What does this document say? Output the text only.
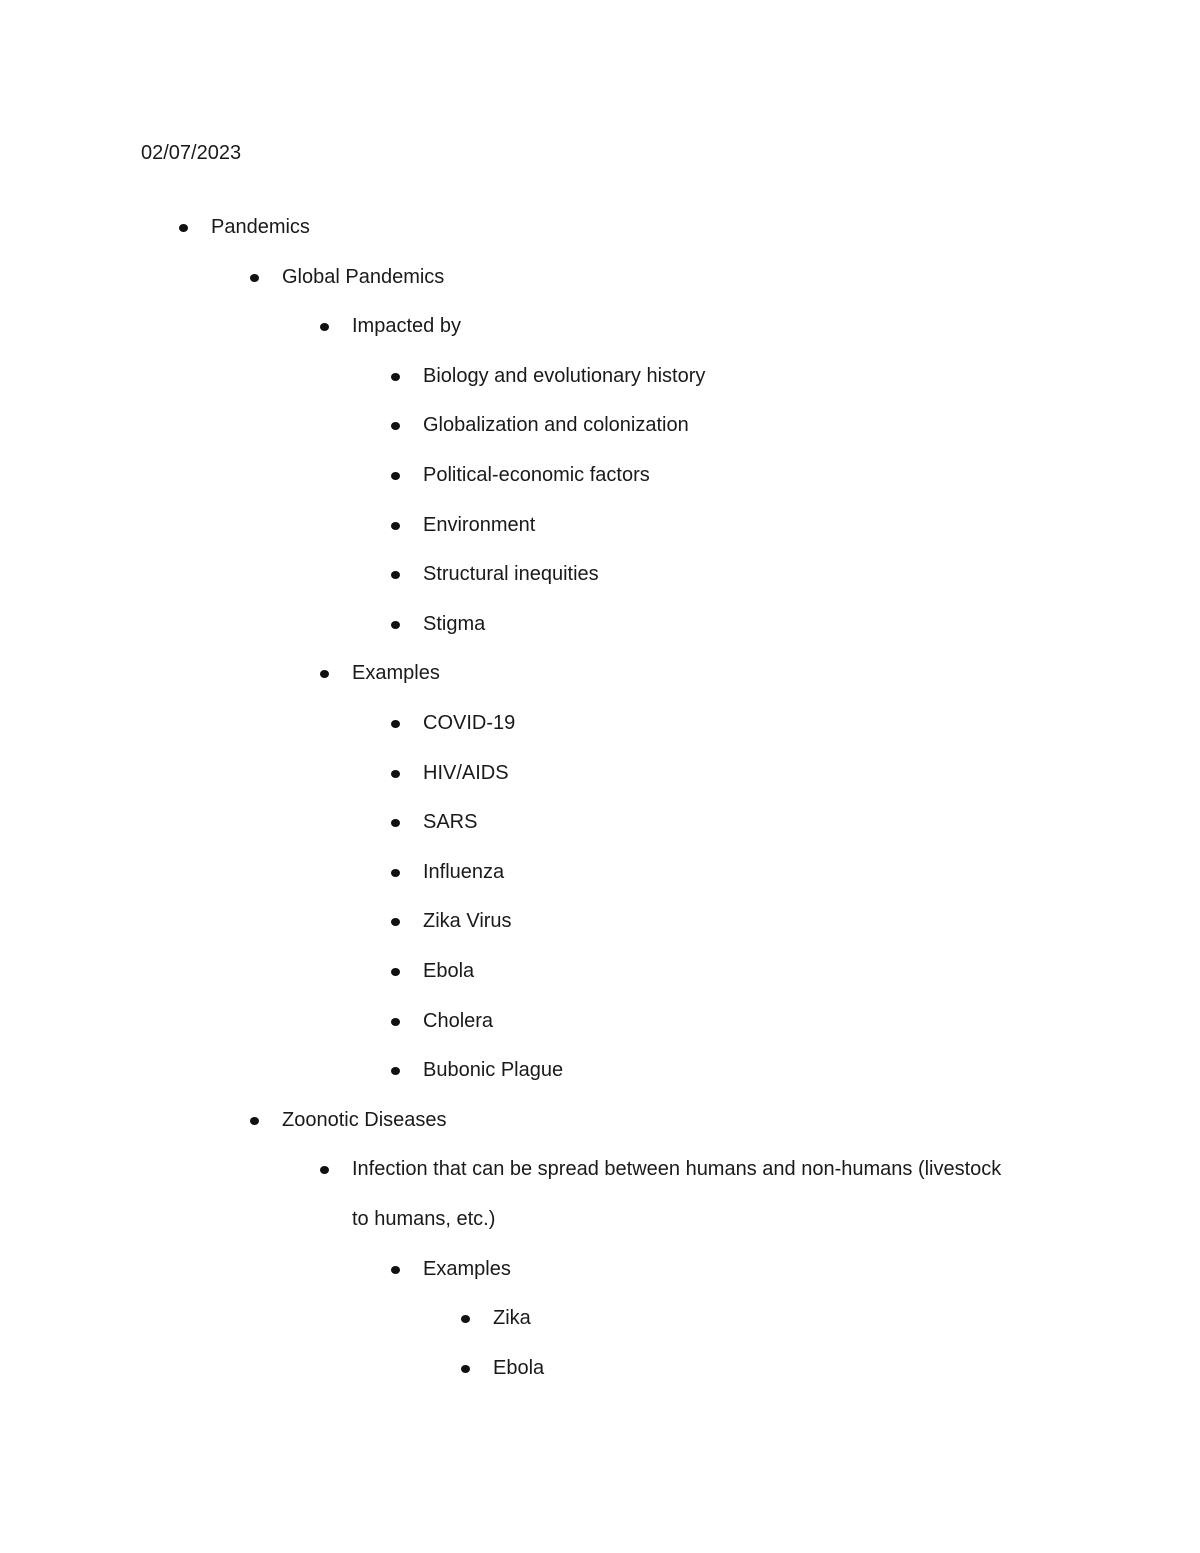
02/07/2023
Pandemics
Global Pandemics
Impacted by
Biology and evolutionary history
Globalization and colonization
Political-economic factors
Environment
Structural inequities
Stigma
Examples
COVID-19
HIV/AIDS
SARS
Influenza
Zika Virus
Ebola
Cholera
Bubonic Plague
Zoonotic Diseases
Infection that can be spread between humans and non-humans (livestock
to humans, etc.)
Examples
Zika
Ebola
